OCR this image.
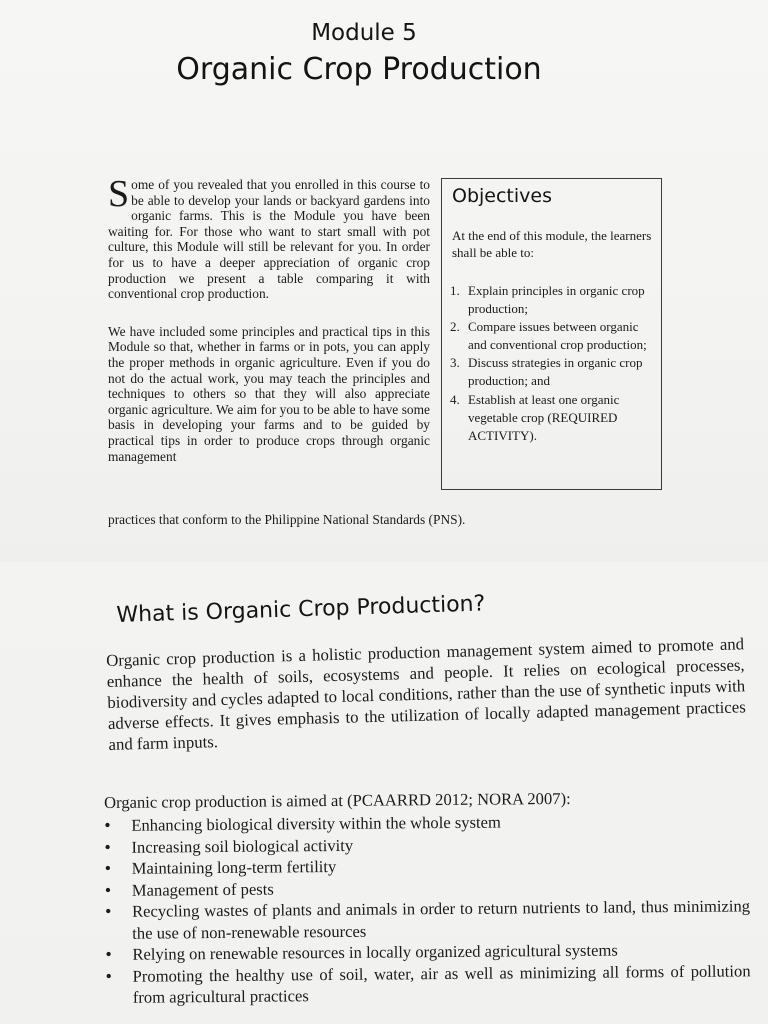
Module 5
Organic Crop Production

Some of you revealed that you enrolled in this course to be able to develop your lands or backyard gardens into organic farms. This is the Module you have been waiting for. For those who want to start small with pot culture, this Module will still be relevant for you. In order for us to have a deeper appreciation of organic crop production we present a table comparing it with conventional crop production.

We have included some principles and practical tips in this Module so that, whether in farms or in pots, you can apply the proper methods in organic agriculture. Even if you do not do the actual work, you may teach the principles and techniques to others so that they will also appreciate organic agriculture. We aim for you to be able to have some basis in developing your farms and to be guided by practical tips in order to produce crops through organic management

Objectives
At the end of this module, the learners shall be able to:
1. Explain principles in organic crop production;
2. Compare issues between organic and conventional crop production;
3. Discuss strategies in organic crop production; and
4. Establish at least one organic vegetable crop (REQUIRED ACTIVITY).
practices that conform to the Philippine National Standards (PNS).
What is Organic Crop Production?
Organic crop production is a holistic production management system aimed to promote and enhance the health of soils, ecosystems and people. It relies on ecological processes, biodiversity and cycles adapted to local conditions, rather than the use of synthetic inputs with adverse effects. It gives emphasis to the utilization of locally adapted management practices and farm inputs.
Organic crop production is aimed at (PCAARRD 2012; NORA 2007):
•	Enhancing biological diversity within the whole system
•	Increasing soil biological activity
•	Maintaining long-term fertility
•	Management of pests
•	Recycling wastes of plants and animals in order to return nutrients to land, thus minimizing the use of non-renewable resources
•	Relying on renewable resources in locally organized agricultural systems
•	Promoting the healthy use of soil, water, air as well as minimizing all forms of pollution from agricultural practices
